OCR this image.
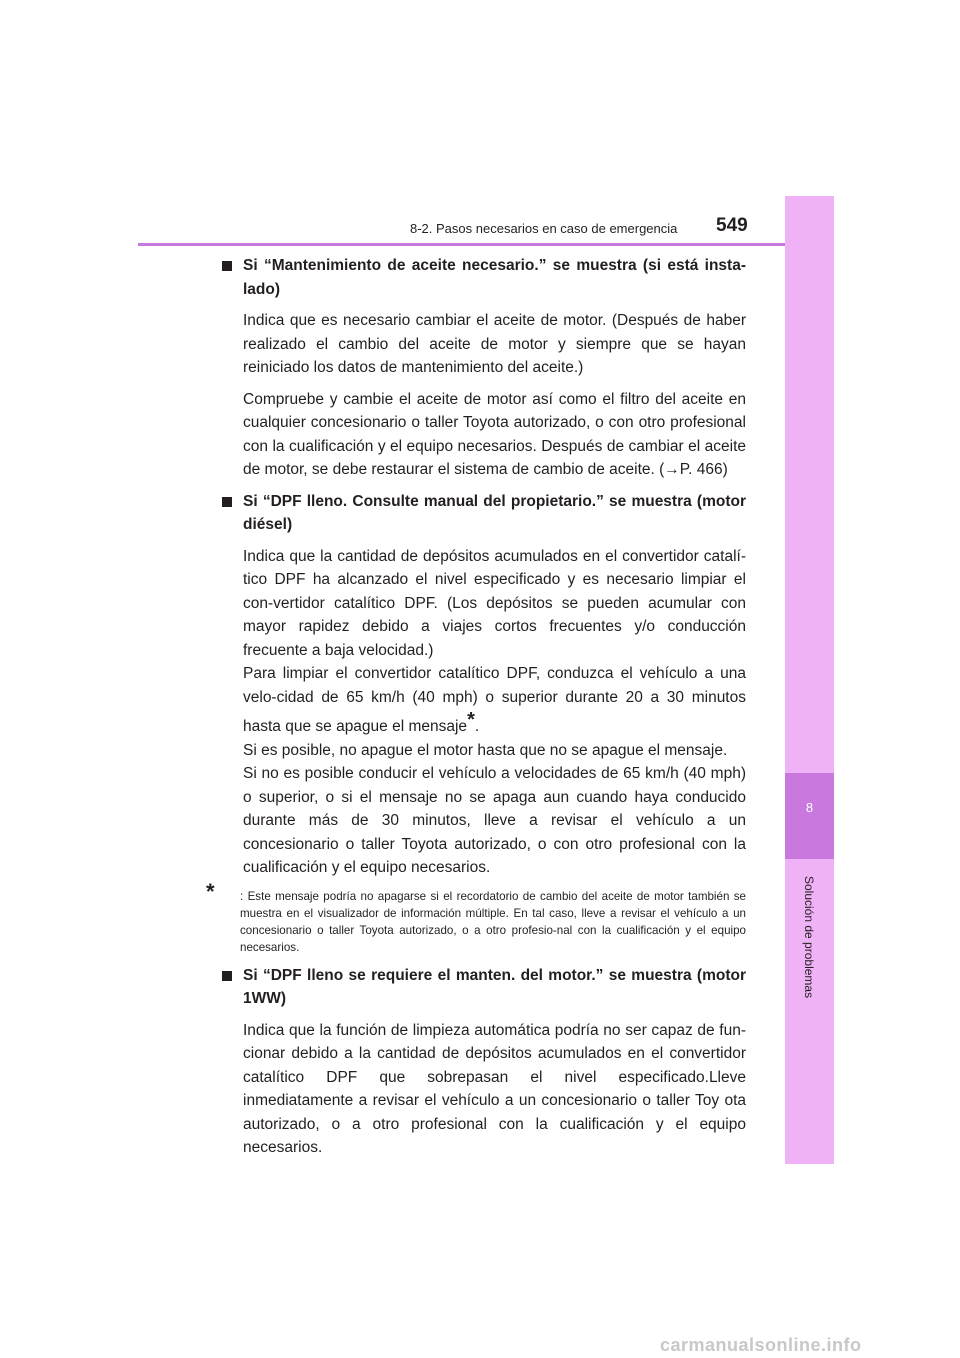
8-2. Pasos necesarios en caso de emergencia 549
8
Solución de problemas
Si “Mantenimiento de aceite necesario.” se muestra (si está insta-lado)
Indica que es necesario cambiar el aceite de motor. (Después de haber realizado el cambio del aceite de motor y siempre que se hayan reiniciado los datos de mantenimiento del aceite.)
Compruebe y cambie el aceite de motor así como el filtro del aceite en cualquier concesionario o taller Toyota autorizado, o con otro profesional con la cualificación y el equipo necesarios. Después de cambiar el aceite de motor, se debe restaurar el sistema de cambio de aceite. (→P. 466)
Si “DPF lleno. Consulte manual del propietario.” se muestra (motor diésel)
Indica que la cantidad de depósitos acumulados en el convertidor catalí-tico DPF ha alcanzado el nivel especificado y es necesario limpiar el con-vertidor catalítico DPF. (Los depósitos se pueden acumular con mayor rapidez debido a viajes cortos frecuentes y/o conducción frecuente a baja velocidad.)
Para limpiar el convertidor catalítico DPF, conduzca el vehículo a una velo-cidad de 65 km/h (40 mph) o superior durante 20 a 30 minutos hasta que se apague el mensaje*.
Si es posible, no apague el motor hasta que no se apague el mensaje.
Si no es posible conducir el vehículo a velocidades de 65 km/h (40 mph) o superior, o si el mensaje no se apaga aun cuando haya conducido durante más de 30 minutos, lleve a revisar el vehículo a un concesionario o taller Toyota autorizado, o con otro profesional con la cualificación y el equipo necesarios.
* : Este mensaje podría no apagarse si el recordatorio de cambio del aceite de motor también se muestra en el visualizador de información múltiple. En tal caso, lleve a revisar el vehículo a un concesionario o taller Toyota autorizado, o a otro profesio-nal con la cualificación y el equipo necesarios.
Si “DPF lleno se requiere el manten. del motor.” se muestra (motor 1WW)
Indica que la función de limpieza automática podría no ser capaz de fun-cionar debido a la cantidad de depósitos acumulados en el convertidor catalítico DPF que sobrepasan el nivel especificado.Lleve inmediatamente a revisar el vehículo a un concesionario o taller Toy ota autorizado, o a otro profesional con la cualificación y el equipo necesarios.
carmanualsonline.info
